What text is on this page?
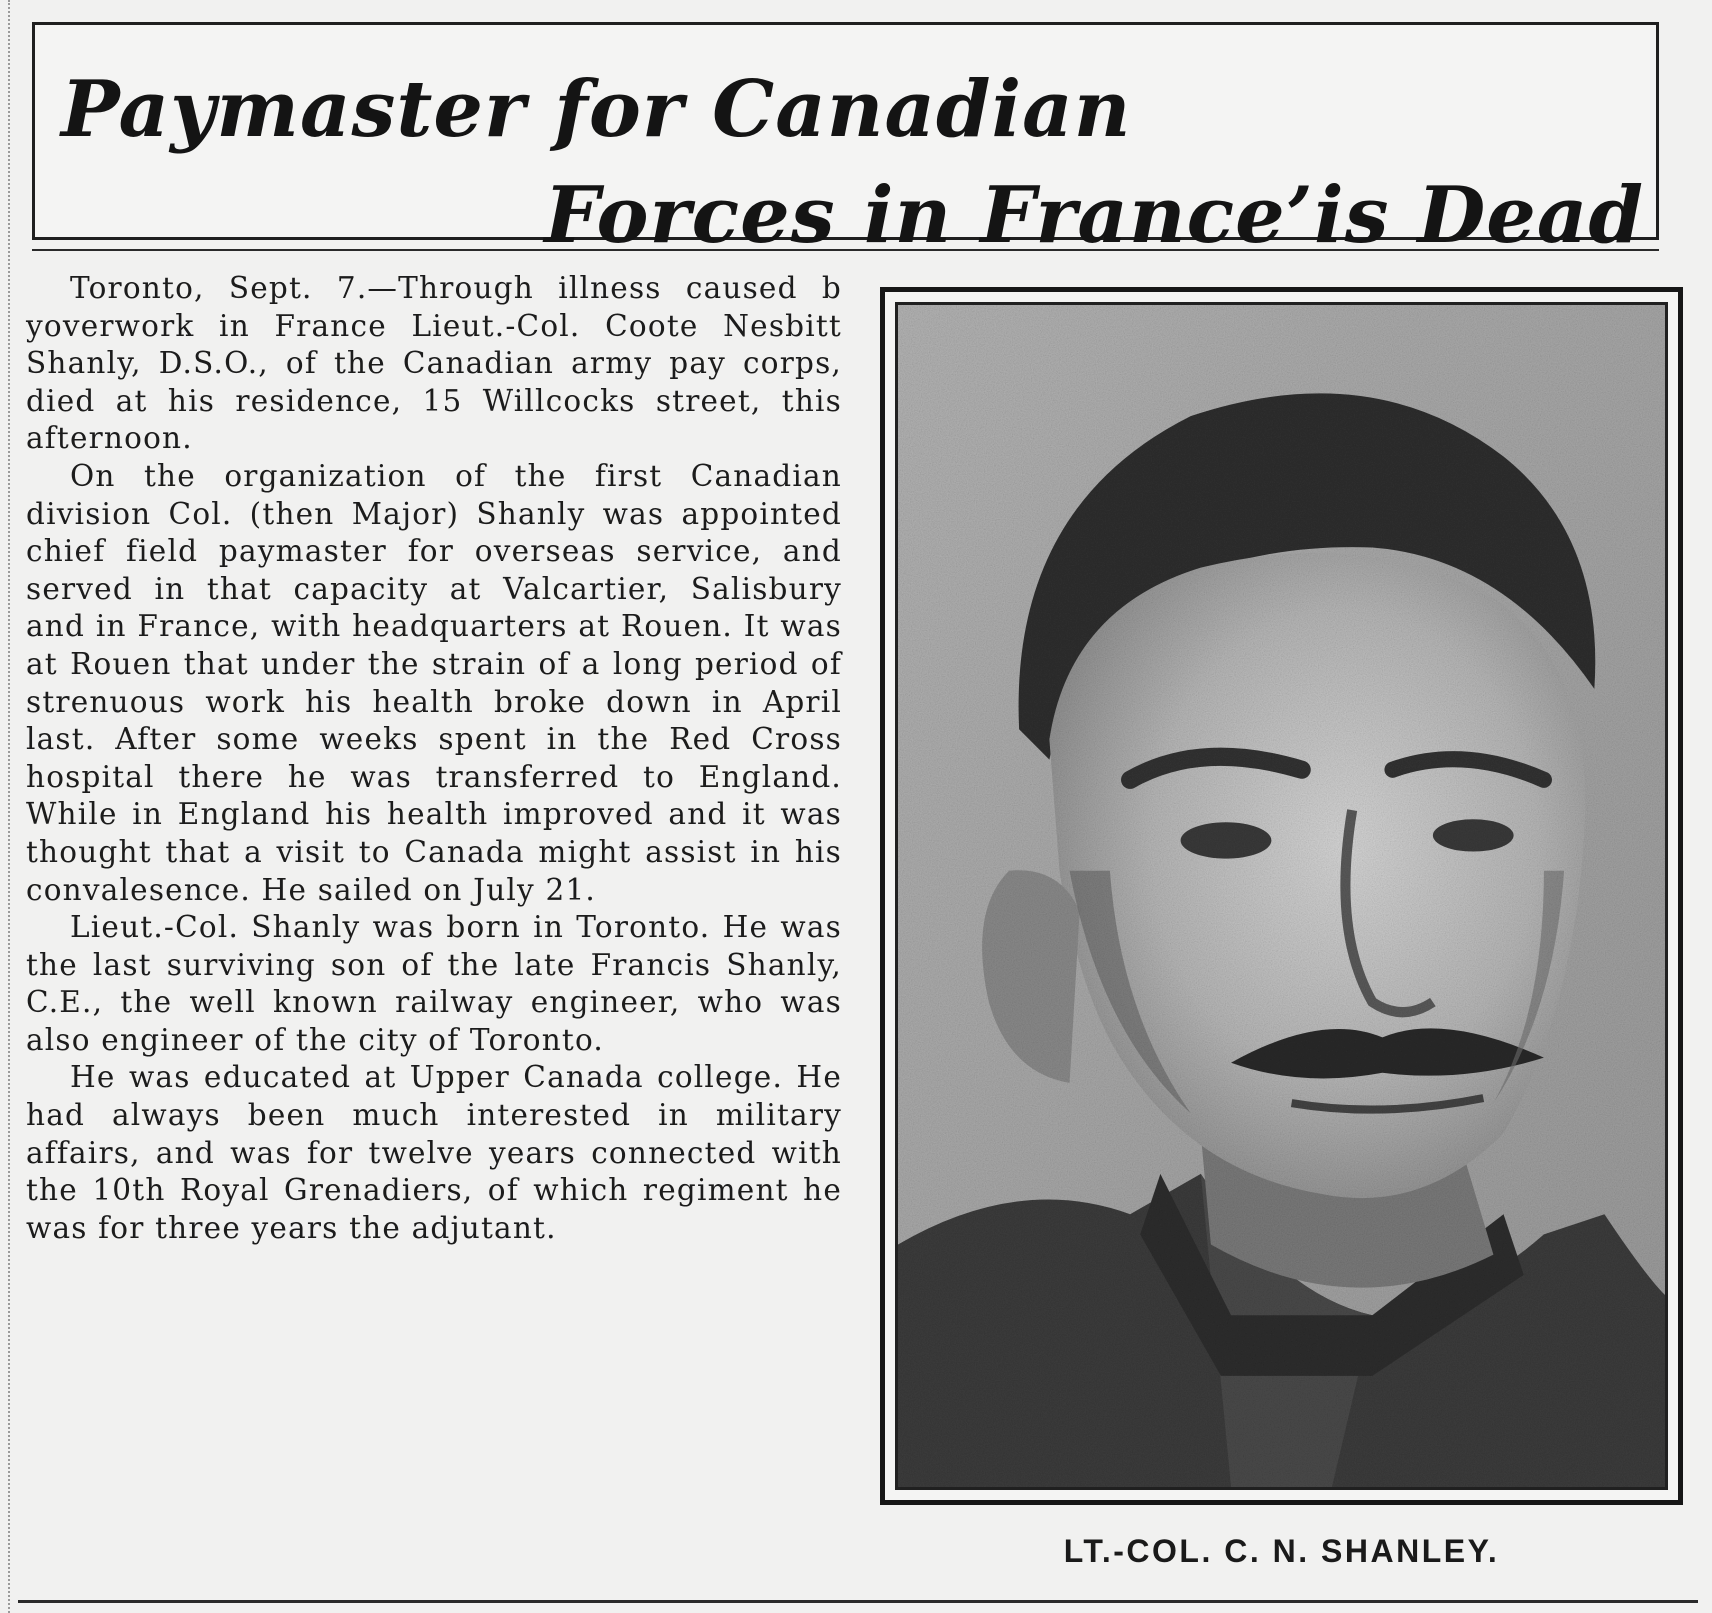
Paymaster for Canadian
Forces in France’is Dead

Toronto, Sept. 7.—Through illness caused b yoverwork in France Lieut.-Col. Coote Nesbitt Shanly, D.S.O., of the Canadian army pay corps, died at his residence, 15 Willcocks street, this afternoon.

On the organization of the first Canadian division Col. (then Major) Shanly was appointed chief field paymaster for overseas service, and served in that capacity at Valcartier, Salisbury and in France, with headquarters at Rouen. It was at Rouen that under the strain of a long period of strenuous work his health broke down in April last. After some weeks spent in the Red Cross hospital there he was transferred to England. While in England his health improved and it was thought that a visit to Canada might assist in his convalesence. He sailed on July 21.

Lieut.-Col. Shanly was born in Toronto. He was the last surviving son of the late Francis Shanly, C.E., the well known railway engineer, who was also engineer of the city of Toronto.

He was educated at Upper Canada college. He had always been much interested in military affairs, and was for twelve years connected with the 10th Royal Grenadiers, of which regiment he was for three years the adjutant.

LT.-COL. C. N. SHANLEY.
